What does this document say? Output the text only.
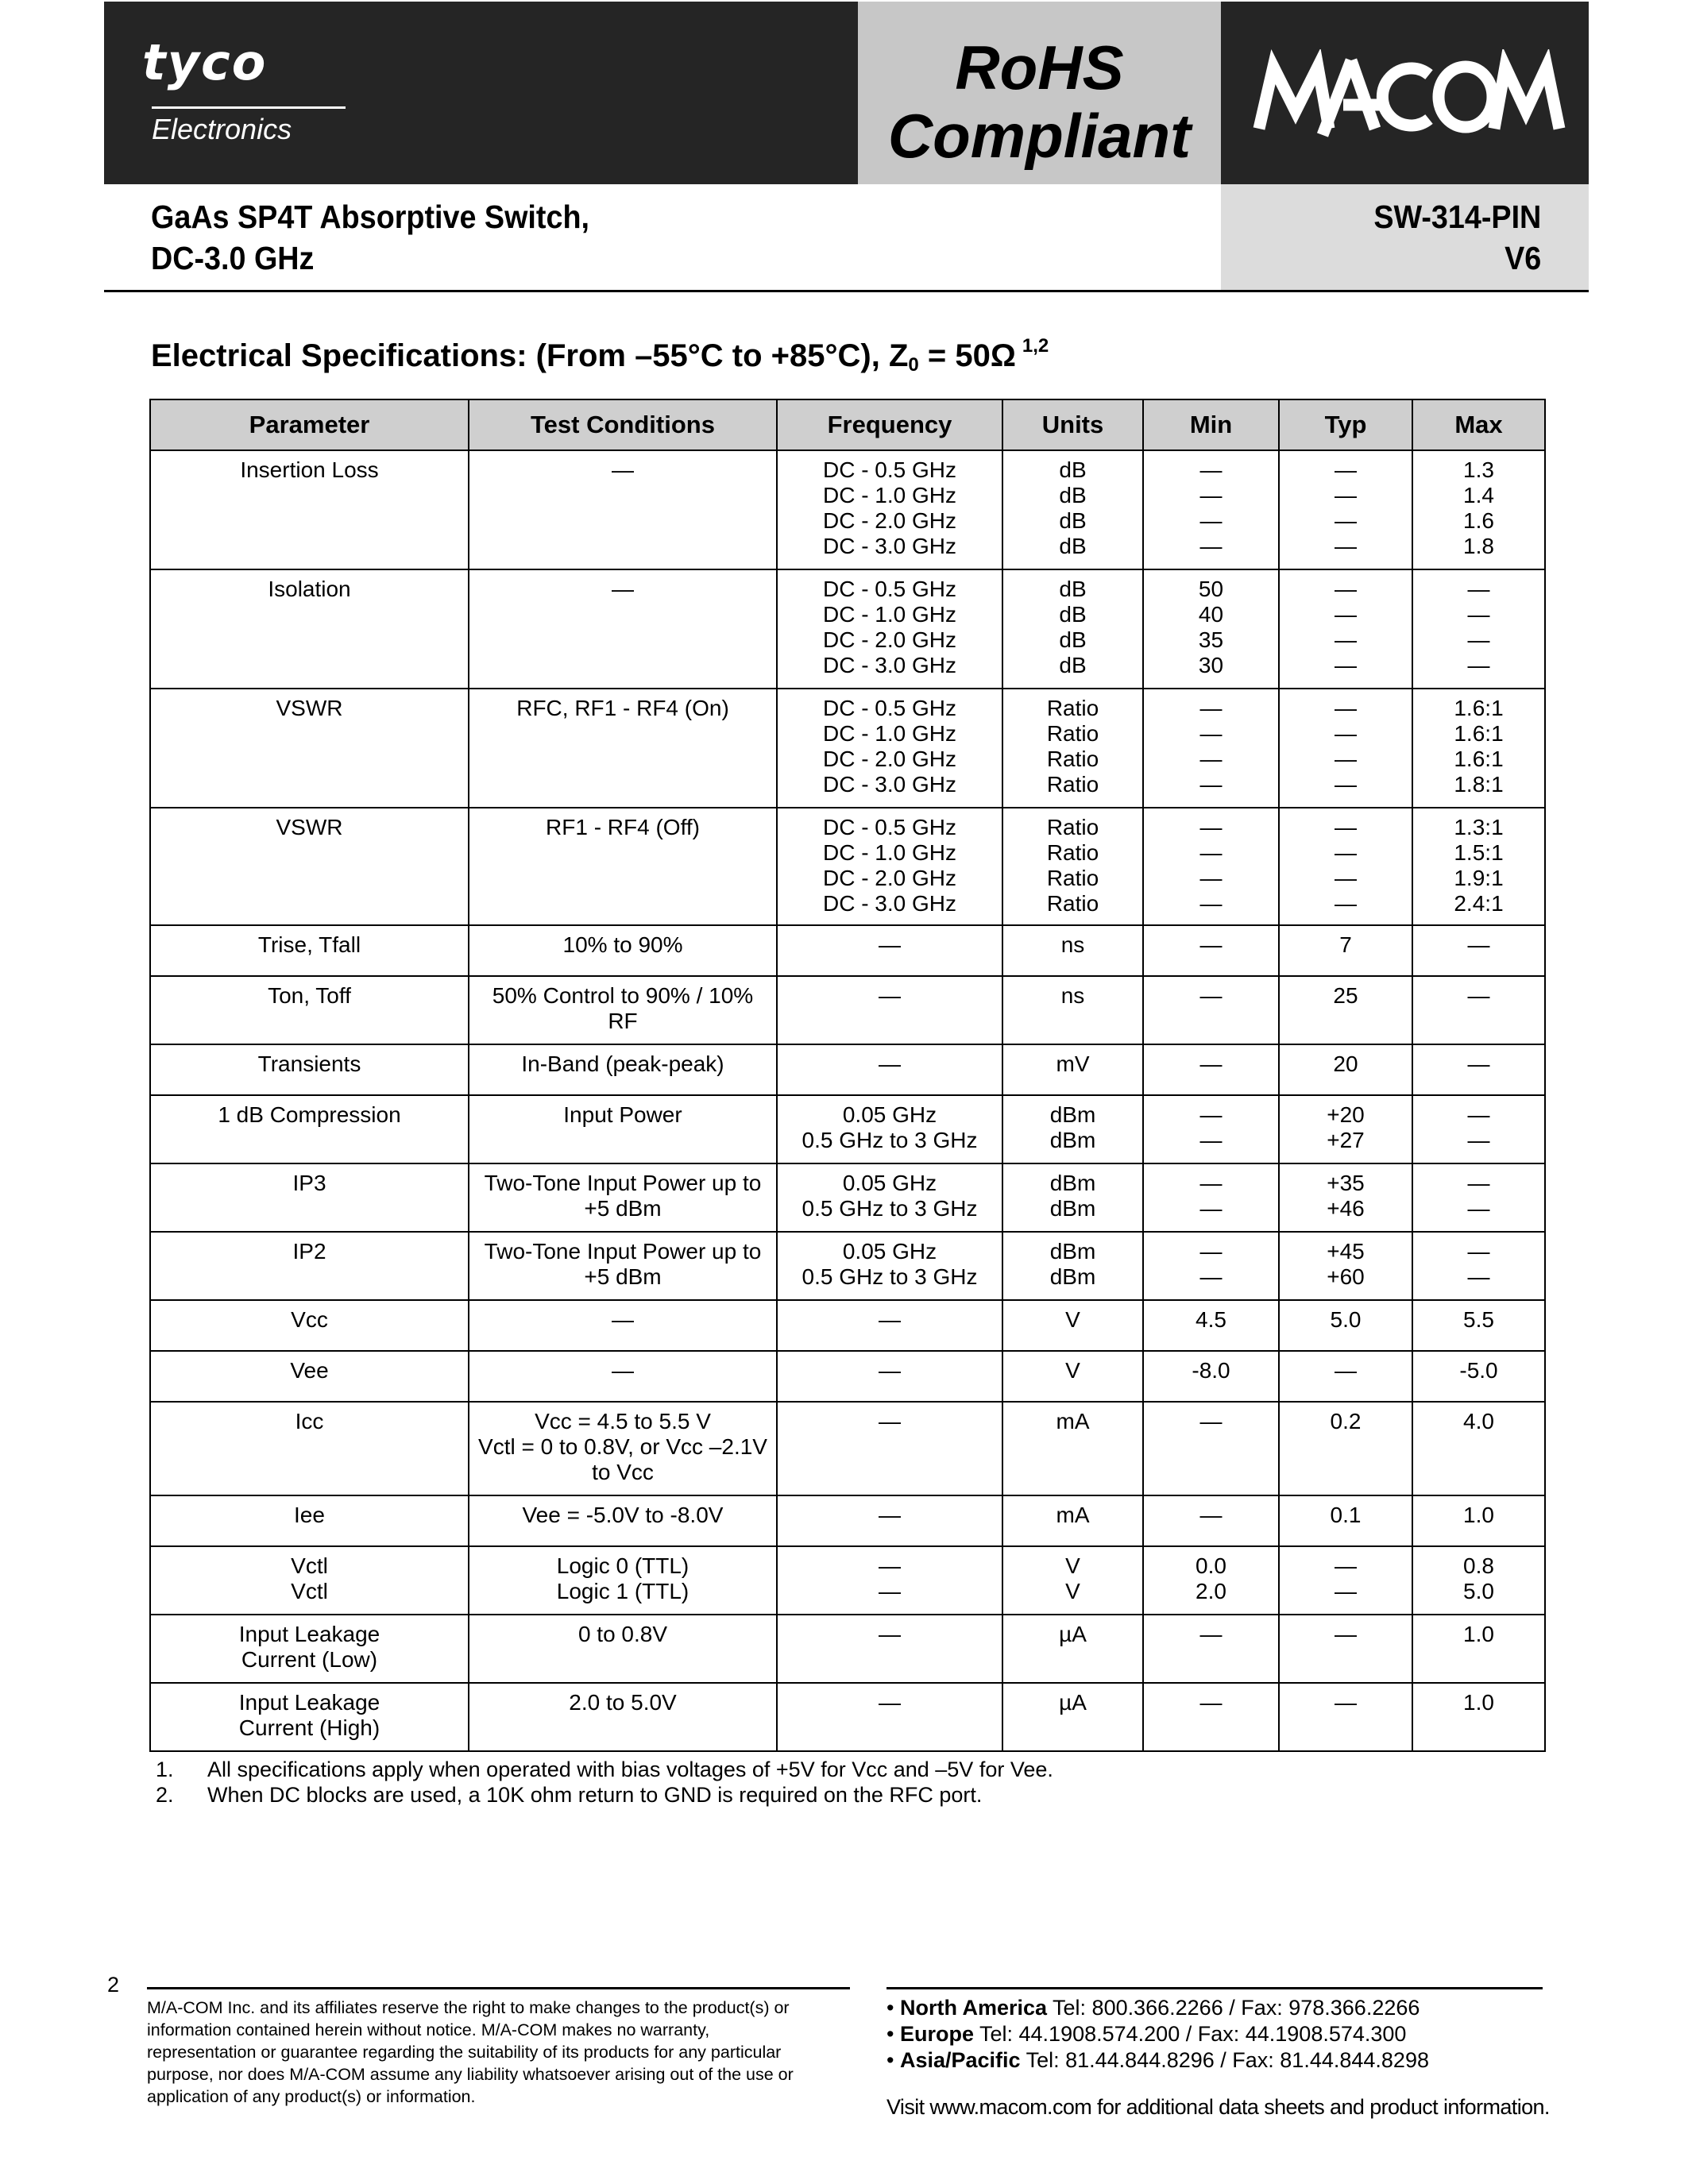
tyco
Electronics
RoHS
Compliant
GaAs SP4T Absorptive Switch,
DC-3.0 GHz
SW-314-PIN
V6
Electrical Specifications: (From –55°C to +85°C), $Z_0 = 50\Omega$ $^{1,2}$
Parameter	Test Conditions	Frequency	Units	Min	Typ	Max

Insertion Loss	—	DC - 0.5 GHz
DC - 1.0 GHz
DC - 2.0 GHz
DC - 3.0 GHz	dB
dB
dB
dB	—
—
—
—	—
—
—
—	1.3
1.4
1.6
1.8

Isolation	—	DC - 0.5 GHz
DC - 1.0 GHz
DC - 2.0 GHz
DC - 3.0 GHz	dB
dB
dB
dB	50
40
35
30	—
—
—
—	—
—
—
—

VSWR	RFC, RF1 - RF4 (On)	DC - 0.5 GHz
DC - 1.0 GHz
DC - 2.0 GHz
DC - 3.0 GHz	Ratio
Ratio
Ratio
Ratio	—
—
—
—	—
—
—
—	1.6:1
1.6:1
1.6:1
1.8:1

VSWR	RF1 - RF4 (Off)	DC - 0.5 GHz
DC - 1.0 GHz
DC - 2.0 GHz
DC - 3.0 GHz	Ratio
Ratio
Ratio
Ratio	—
—
—
—	—
—
—
—	1.3:1
1.5:1
1.9:1
2.4:1

Trise, Tfall	10% to 90%	—	ns	—	7	—

Ton, Toff	50% Control to 90% / 10%
RF	—	ns	—	25	—

Transients	In-Band (peak-peak)	—	mV	—	20	—

1 dB Compression	Input Power	0.05 GHz
0.5 GHz to 3 GHz	dBm
dBm	—
—	+20
+27	—
—

IP3	Two-Tone Input Power up to
+5 dBm	0.05 GHz
0.5 GHz to 3 GHz	dBm
dBm	—
—	+35
+46	—
—

IP2	Two-Tone Input Power up to
+5 dBm	0.05 GHz
0.5 GHz to 3 GHz	dBm
dBm	—
—	+45
+60	—
—

Vcc	—	—	V	4.5	5.0	5.5

Vee	—	—	V	-8.0	—	-5.0

Icc	Vcc = 4.5 to 5.5 V
Vctl = 0 to 0.8V, or Vcc –2.1V
to Vcc	—	mA	—	0.2	4.0

Iee	Vee = -5.0V to -8.0V	—	mA	—	0.1	1.0

Vctl
Vctl	Logic 0 (TTL)
Logic 1 (TTL)	—
—	V
V	0.0
2.0	—
—	0.8
5.0

Input Leakage
Current (Low)	0 to 0.8V	—	µA	—	—	1.0

Input Leakage
Current (High)	2.0 to 5.0V	—	µA	—	—	1.0
1.	All specifications apply when operated with bias voltages of +5V for Vcc and –5V for Vee.
2.	When DC blocks are used, a 10K ohm return to GND is required on the RFC port.
2
M/A-COM Inc. and its affiliates reserve the right to make changes to the product(s) or information contained herein without notice. M/A-COM makes no warranty, representation or guarantee regarding the suitability of its products for any particular purpose, nor does M/A-COM assume any liability whatsoever arising out of the use or application of any product(s) or information.
• North America Tel: 800.366.2266 / Fax: 978.366.2266
• Europe Tel: 44.1908.574.200 / Fax: 44.1908.574.300
• Asia/Pacific Tel: 81.44.844.8296 / Fax: 81.44.844.8298
Visit www.macom.com for additional data sheets and product information.
